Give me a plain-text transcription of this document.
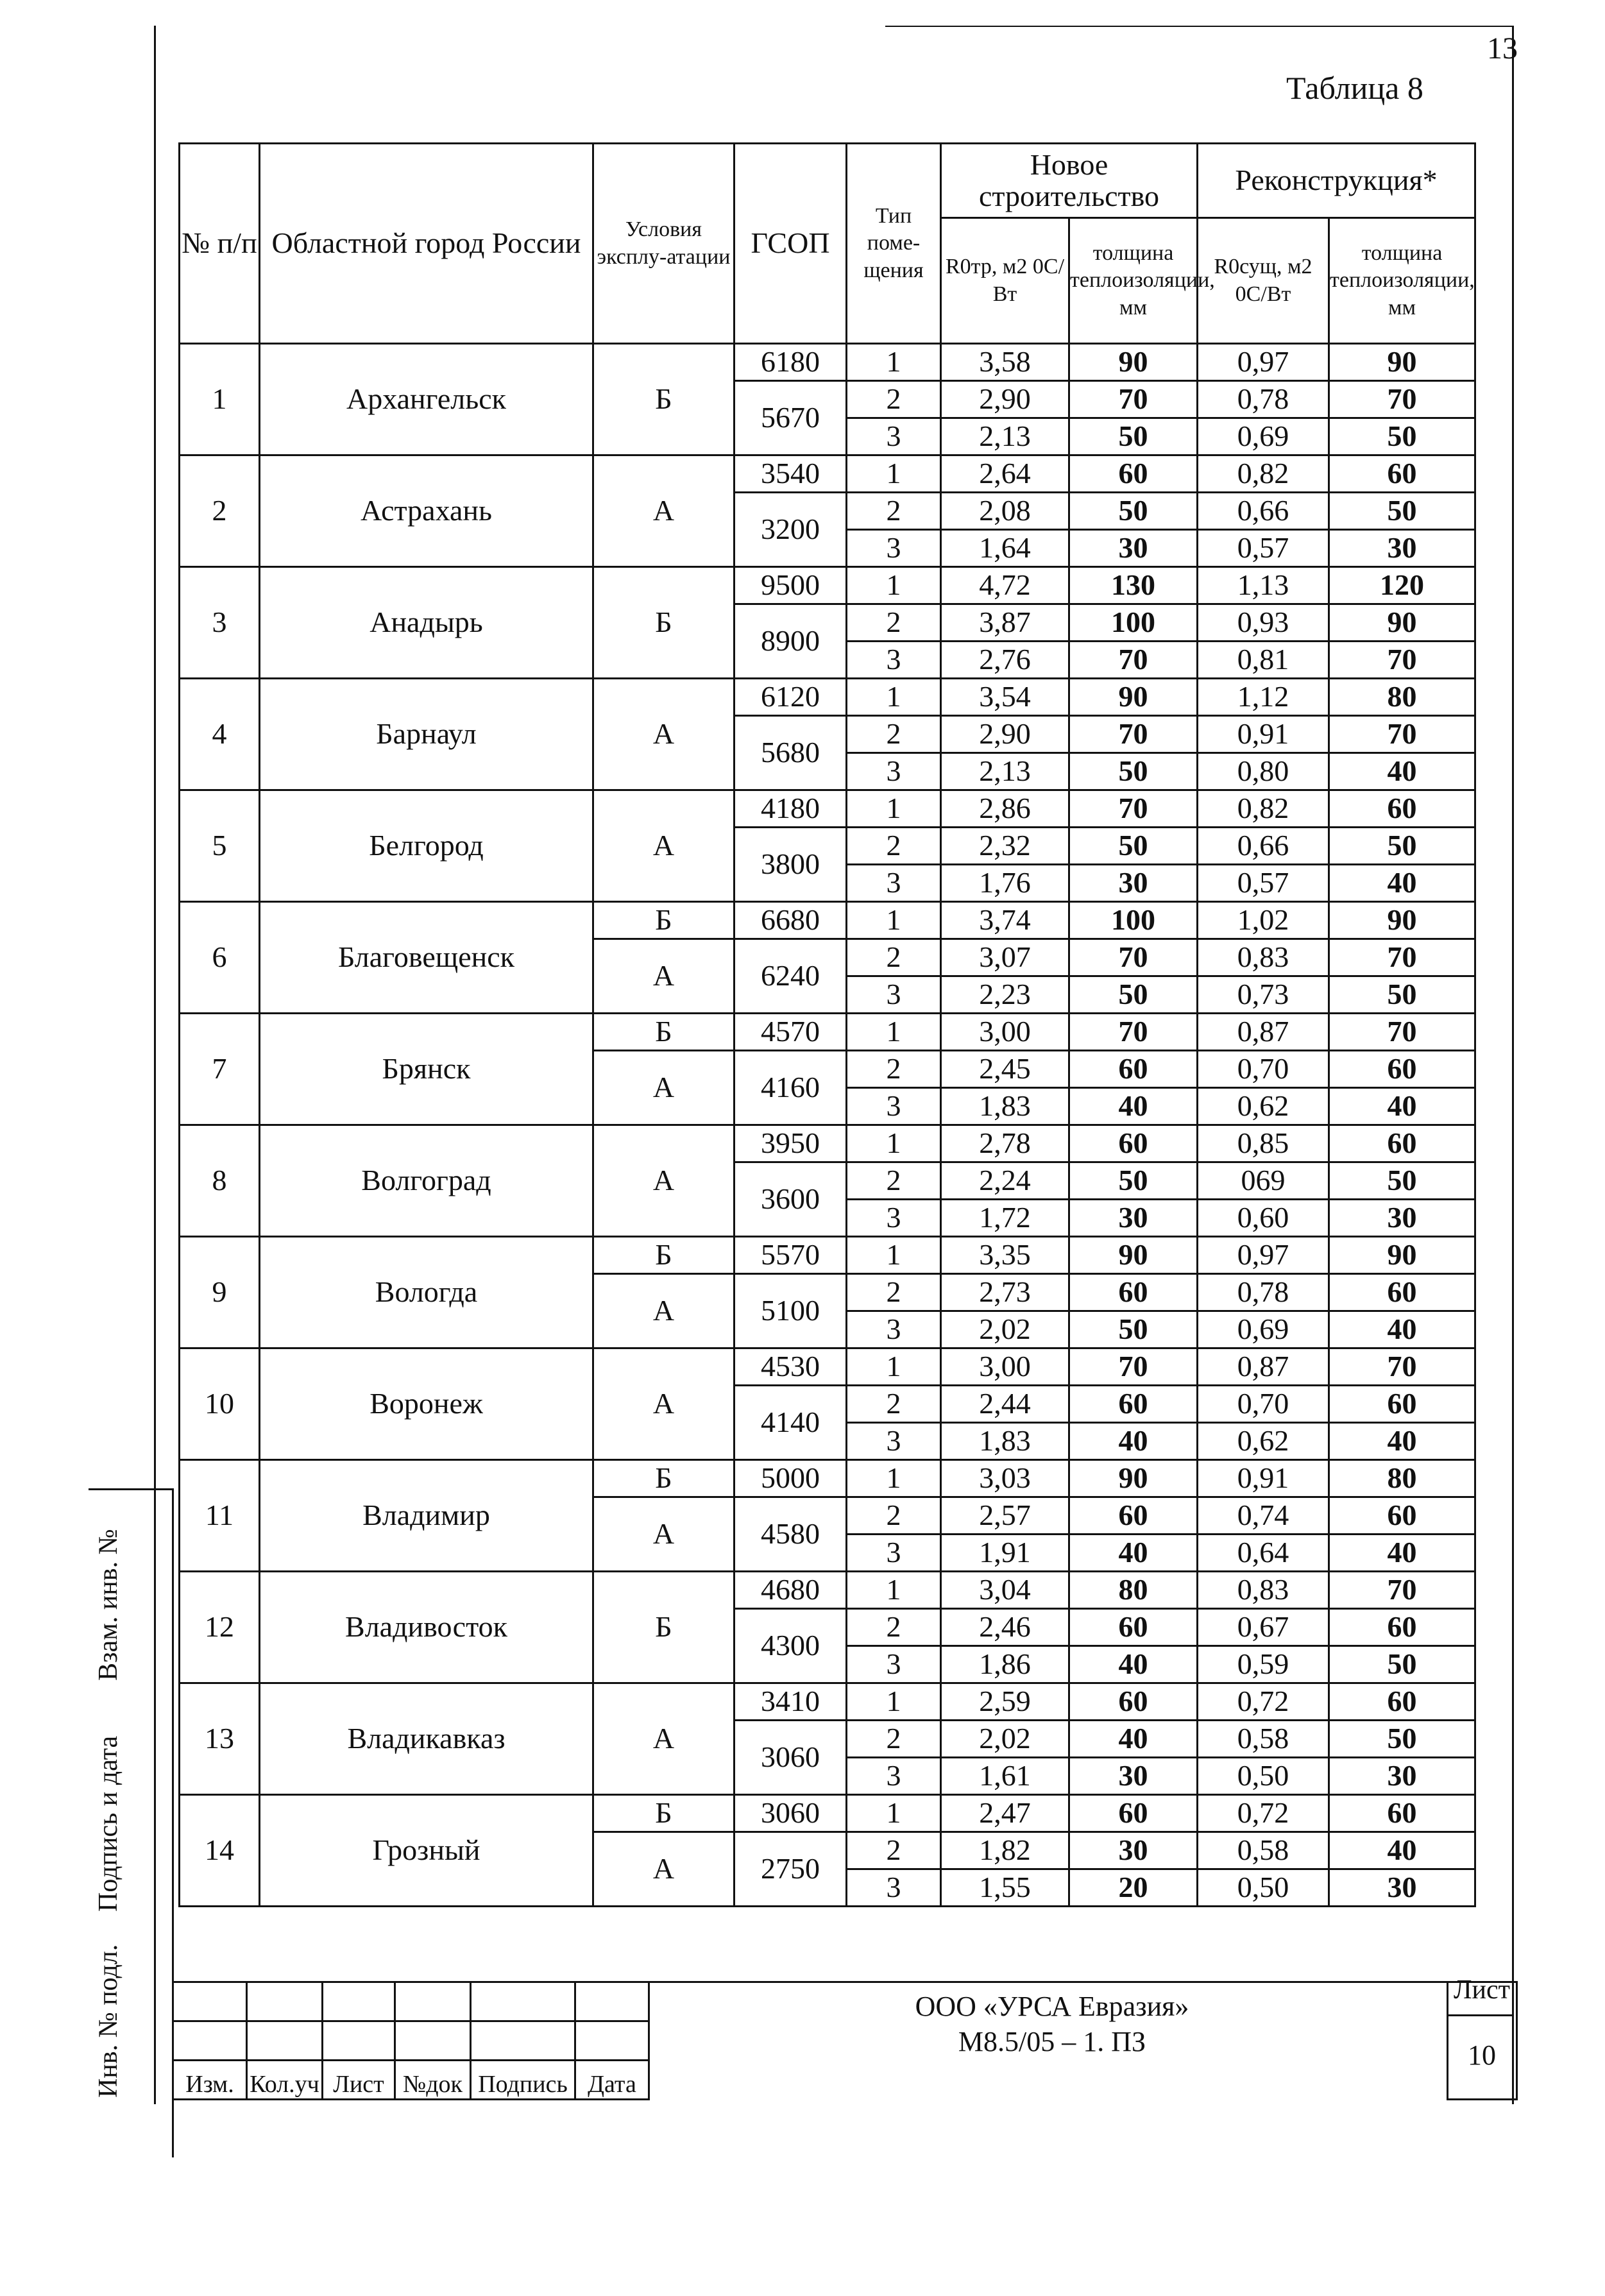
13
Таблица 8
№ п/п	Областной город России	Условия эксплу-атации	ГСОП	Тип поме-щения	Новое строительство		Реконструкция*	
					R0тр, м2 0С/Вт	толщина теплоизоляции, мм	R0сущ, м2 0С/Вт	толщина теплоизоляции, мм
1	Архангельск	Б	6180	1	3,58	90	0,97	90
			5670	2	2,90	70	0,78	70
				3	2,13	50	0,69	50
2	Астрахань	А	3540	1	2,64	60	0,82	60
			3200	2	2,08	50	0,66	50
				3	1,64	30	0,57	30
3	Анадырь	Б	9500	1	4,72	130	1,13	120
			8900	2	3,87	100	0,93	90
				3	2,76	70	0,81	70
4	Барнаул	А	6120	1	3,54	90	1,12	80
			5680	2	2,90	70	0,91	70
				3	2,13	50	0,80	40
5	Белгород	А	4180	1	2,86	70	0,82	60
			3800	2	2,32	50	0,66	50
				3	1,76	30	0,57	40
6	Благовещенск	Б	6680	1	3,74	100	1,02	90
		А	6240	2	3,07	70	0,83	70
				3	2,23	50	0,73	50
7	Брянск	Б	4570	1	3,00	70	0,87	70
		А	4160	2	2,45	60	0,70	60
				3	1,83	40	0,62	40
8	Волгоград	А	3950	1	2,78	60	0,85	60
			3600	2	2,24	50	069	50
				3	1,72	30	0,60	30
9	Вологда	Б	5570	1	3,35	90	0,97	90
		А	5100	2	2,73	60	0,78	60
				3	2,02	50	0,69	40
10	Воронеж	А	4530	1	3,00	70	0,87	70
			4140	2	2,44	60	0,70	60
				3	1,83	40	0,62	40
11	Владимир	Б	5000	1	3,03	90	0,91	80
		А	4580	2	2,57	60	0,74	60
				3	1,91	40	0,64	40
12	Владивосток	Б	4680	1	3,04	80	0,83	70
			4300	2	2,46	60	0,67	60
				3	1,86	40	0,59	50
13	Владикавказ	А	3410	1	2,59	60	0,72	60
			3060	2	2,02	40	0,58	50
				3	1,61	30	0,50	30
14	Грозный	Б	3060	1	2,47	60	0,72	60
		А	2750	2	1,82	30	0,58	40
				3	1,55	20	0,50	30
Инв. № подл.
Подпись и дата
Взам. инв. №

Изм.	Кол.уч	Лист	№док	Подпись	Дата
ООО «УРСА Евразия»
М8.5/05 – 1. ПЗ
Лист
10
